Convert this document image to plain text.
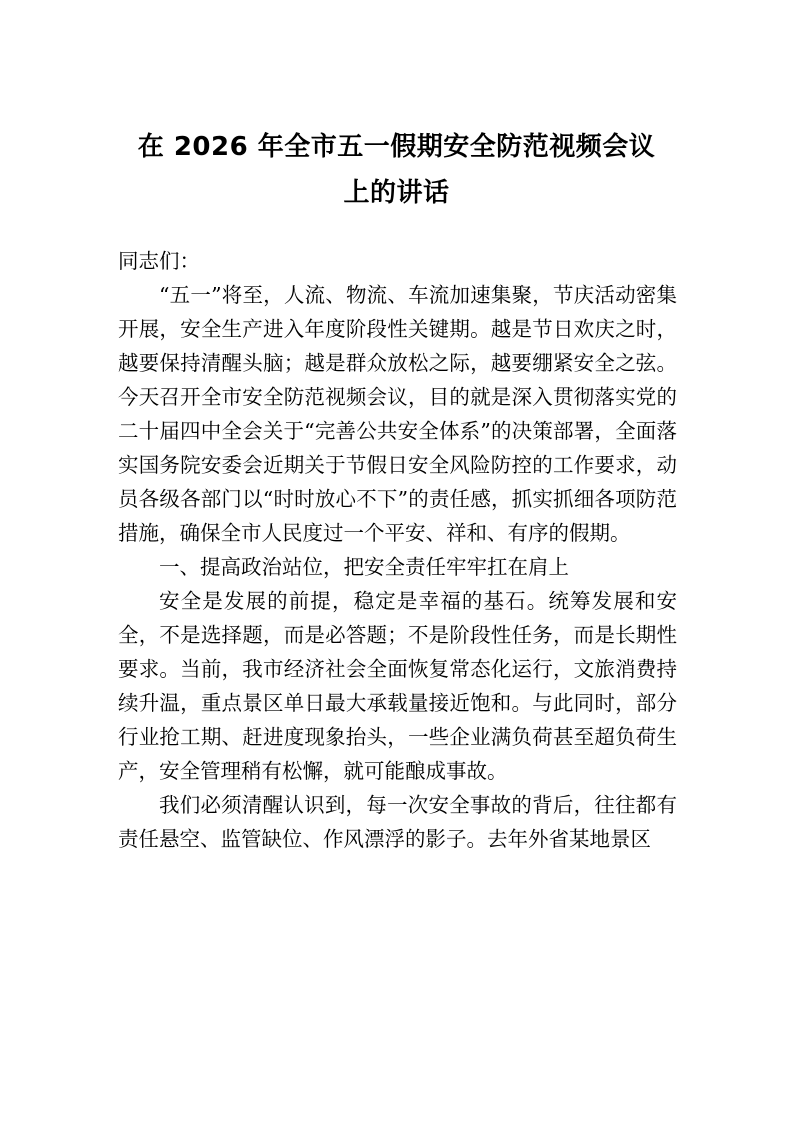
在 2026 年全市五一假期安全防范视频会议
上的讲话

同志们：

“五一”将至，人流、物流、车流加速集聚，节庆活动密集开展，安全生产进入年度阶段性关键期。越是节日欢庆之时，越要保持清醒头脑；越是群众放松之际，越要绷紧安全之弦。今天召开全市安全防范视频会议，目的就是深入贯彻落实党的二十届四中全会关于“完善公共安全体系”的决策部署，全面落实国务院安委会近期关于节假日安全风险防控的工作要求，动员各级各部门以“时时放心不下”的责任感，抓实抓细各项防范措施，确保全市人民度过一个平安、祥和、有序的假期。

一、提高政治站位，把安全责任牢牢扛在肩上

安全是发展的前提，稳定是幸福的基石。统筹发展和安全，不是选择题，而是必答题；不是阶段性任务，而是长期性要求。当前，我市经济社会全面恢复常态化运行，文旅消费持续升温，重点景区单日最大承载量接近饱和。与此同时，部分行业抢工期、赶进度现象抬头，一些企业满负荷甚至超负荷生产，安全管理稍有松懈，就可能酿成事故。

我们必须清醒认识到，每一次安全事故的背后，往往都有责任悬空、监管缺位、作风漂浮的影子。去年外省某地景区
